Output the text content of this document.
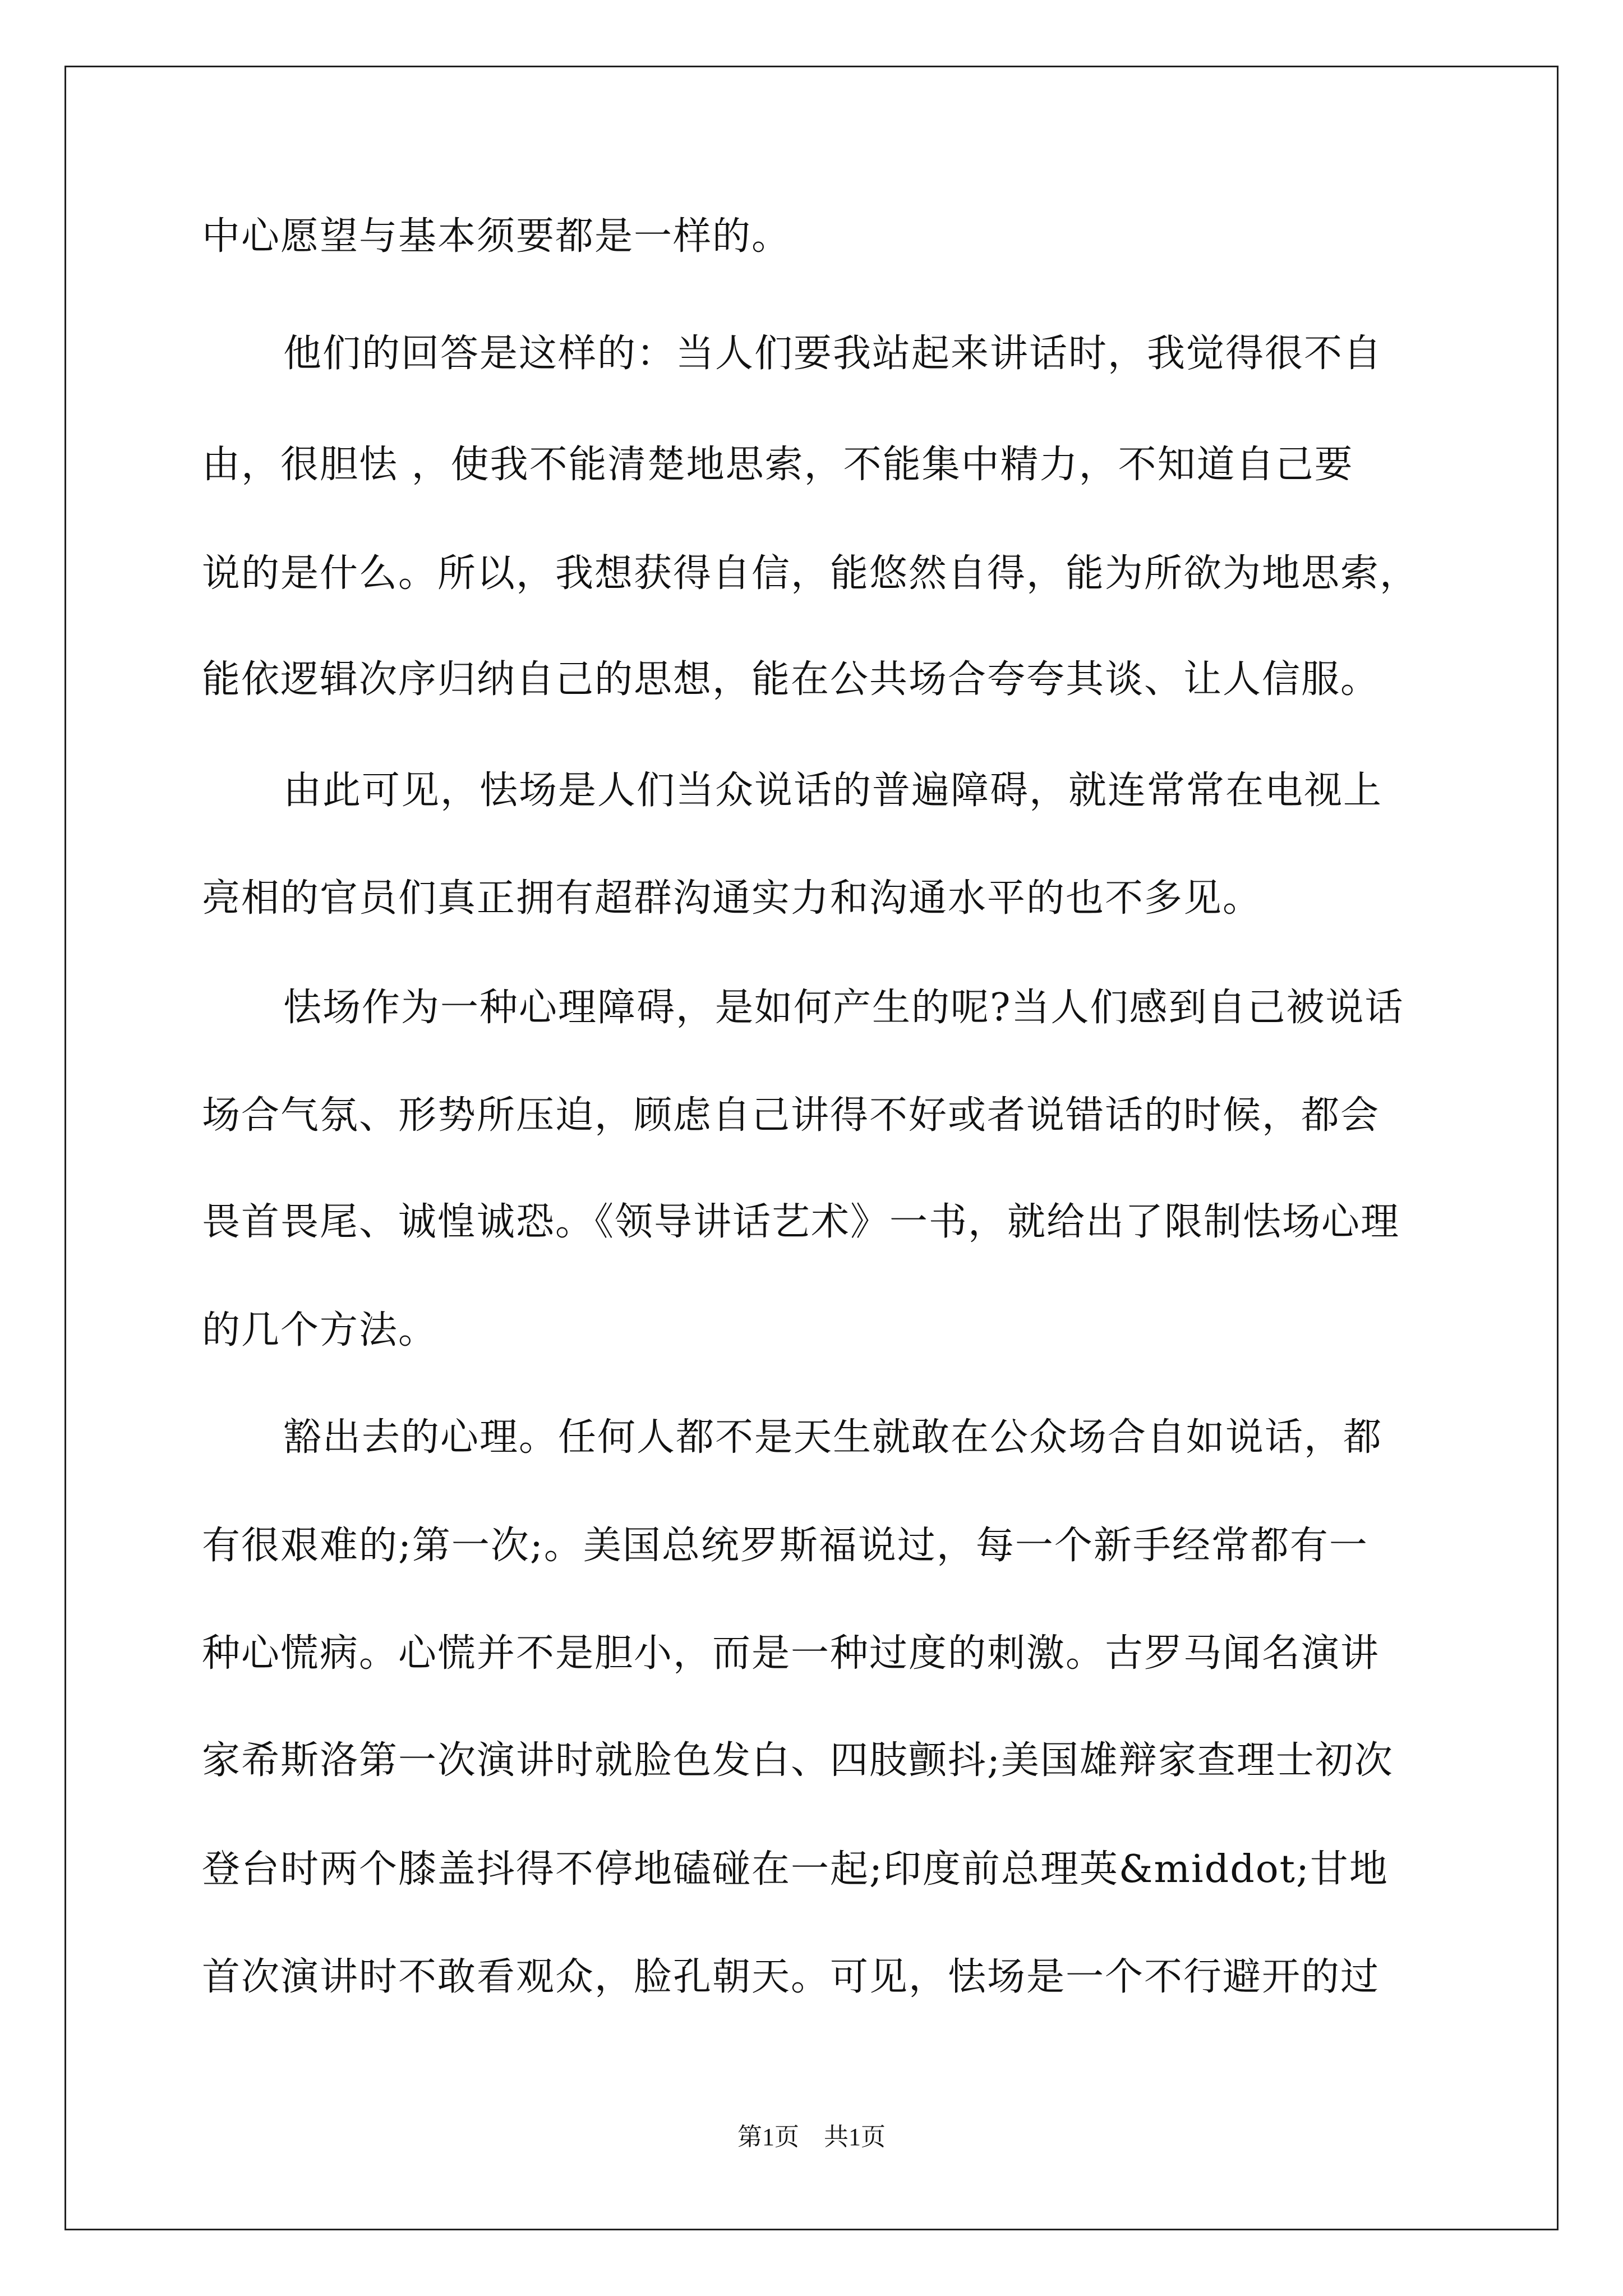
中心愿望与基本须要都是一样的。
他们的回答是这样的：当人们要我站起来讲话时，我觉得很不自
由，很胆怯 ，使我不能清楚地思索，不能集中精力，不知道自己要
说的是什么。所以，我想获得自信，能悠然自得，能为所欲为地思索，
能依逻辑次序归纳自己的思想，能在公共场合夸夸其谈、让人信服。
由此可见，怯场是人们当众说话的普遍障碍，就连常常在电视上
亮相的官员们真正拥有超群沟通实力和沟通水平的也不多见。
怯场作为一种心理障碍，是如何产生的呢?当人们感到自己被说话
场合气氛、形势所压迫，顾虑自己讲得不好或者说错话的时候，都会
畏首畏尾、诚惶诚恐。《领导讲话艺术》一书，就给出了限制怯场心理
的几个方法。
豁出去的心理。任何人都不是天生就敢在公众场合自如说话，都
有很艰难的;第一次;。美国总统罗斯福说过，每一个新手经常都有一
种心慌病。心慌并不是胆小，而是一种过度的刺激。古罗马闻名演讲
家希斯洛第一次演讲时就脸色发白、四肢颤抖;美国雄辩家查理士初次
登台时两个膝盖抖得不停地磕碰在一起;印度前总理英&middot;甘地
首次演讲时不敢看观众，脸孔朝天。可见，怯场是一个不行避开的过
第1页　共1页
